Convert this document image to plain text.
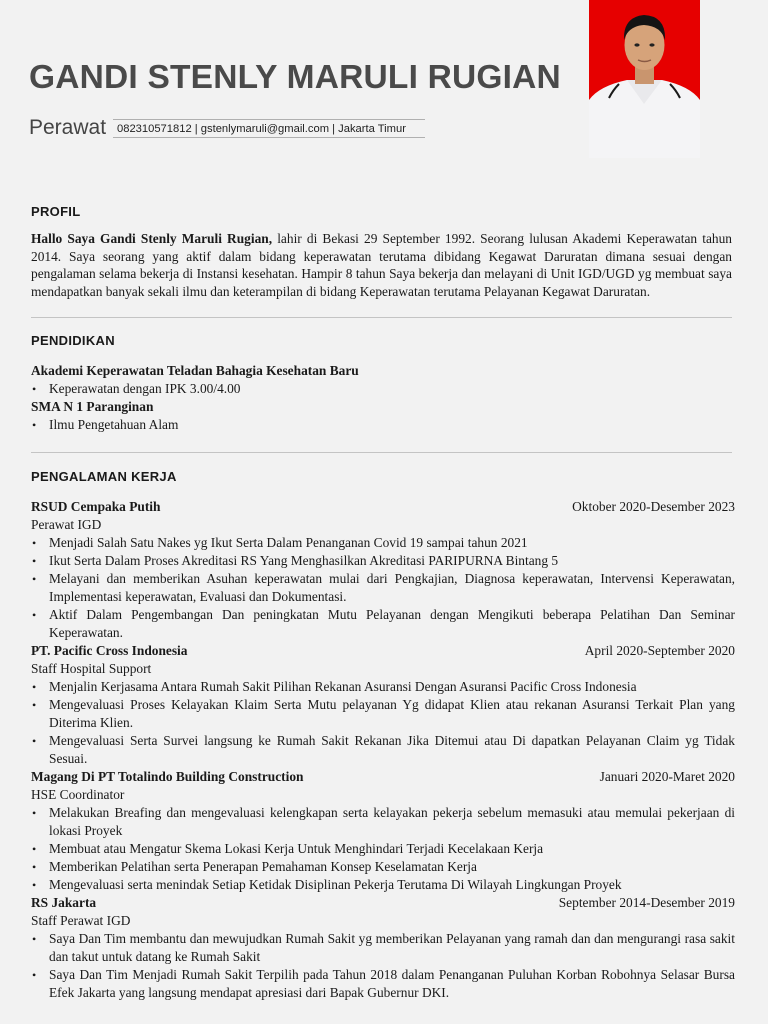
GANDI STENLY MARULI RUGIAN
Perawat 082310571812 | gstenlymaruli@gmail.com | Jakarta Timur
PROFIL
Hallo Saya Gandi Stenly Maruli Rugian, lahir di Bekasi 29 September 1992. Seorang lulusan Akademi Keperawatan tahun 2014. Saya seorang yang aktif dalam bidang keperawatan terutama dibidang Kegawat Daruratan dimana sesuai dengan pengalaman selama bekerja di Instansi kesehatan. Hampir 8 tahun Saya bekerja dan melayani di Unit IGD/UGD yg membuat saya mendapatkan banyak sekali ilmu dan keterampilan di bidang Keperawatan terutama Pelayanan Kegawat Daruratan.
PENDIDIKAN
Akademi Keperawatan Teladan Bahagia Kesehatan Baru
• Keperawatan dengan IPK 3.00/4.00
SMA N 1 Paranginan
• Ilmu Pengetahuan Alam
PENGALAMAN KERJA
RSUD Cempaka Putih	Oktober 2020-Desember 2023
Perawat IGD
• Menjadi Salah Satu Nakes yg Ikut Serta Dalam Penanganan Covid 19 sampai tahun 2021
• Ikut Serta Dalam Proses Akreditasi RS Yang Menghasilkan Akreditasi PARIPURNA Bintang 5
• Melayani dan memberikan Asuhan keperawatan mulai dari Pengkajian, Diagnosa keperawatan, Intervensi Keperawatan, Implementasi keperawatan, Evaluasi dan Dokumentasi.
• Aktif Dalam Pengembangan Dan peningkatan Mutu Pelayanan dengan Mengikuti beberapa Pelatihan Dan Seminar Keperawatan.
PT. Pacific Cross Indonesia	April 2020-September 2020
Staff Hospital Support
• Menjalin Kerjasama Antara Rumah Sakit Pilihan Rekanan Asuransi Dengan Asuransi Pacific Cross Indonesia
• Mengevaluasi Proses Kelayakan Klaim Serta Mutu pelayanan Yg didapat Klien atau rekanan Asuransi Terkait Plan yang Diterima Klien.
• Mengevaluasi Serta Survei langsung ke Rumah Sakit Rekanan Jika Ditemui atau Di dapatkan Pelayanan Claim yg Tidak Sesuai.
Magang Di PT Totalindo Building Construction	Januari 2020-Maret 2020
HSE Coordinator
• Melakukan Breafing dan mengevaluasi kelengkapan serta kelayakan pekerja sebelum memasuki atau memulai pekerjaan di lokasi Proyek
• Membuat atau Mengatur Skema Lokasi Kerja Untuk Menghindari Terjadi Kecelakaan Kerja
• Memberikan Pelatihan serta Penerapan Pemahaman Konsep Keselamatan Kerja
• Mengevaluasi serta menindak Setiap Ketidak Disiplinan Pekerja Terutama Di Wilayah Lingkungan Proyek
RS Jakarta	September 2014-Desember 2019
Staff Perawat IGD
• Saya Dan Tim membantu dan mewujudkan Rumah Sakit yg memberikan Pelayanan yang ramah dan dan mengurangi rasa sakit dan takut untuk datang ke Rumah Sakit
• Saya Dan Tim Menjadi Rumah Sakit Terpilih pada Tahun 2018 dalam Penanganan Puluhan Korban Robohnya Selasar Bursa Efek Jakarta yang langsung mendapat apresiasi dari Bapak Gubernur DKI.
